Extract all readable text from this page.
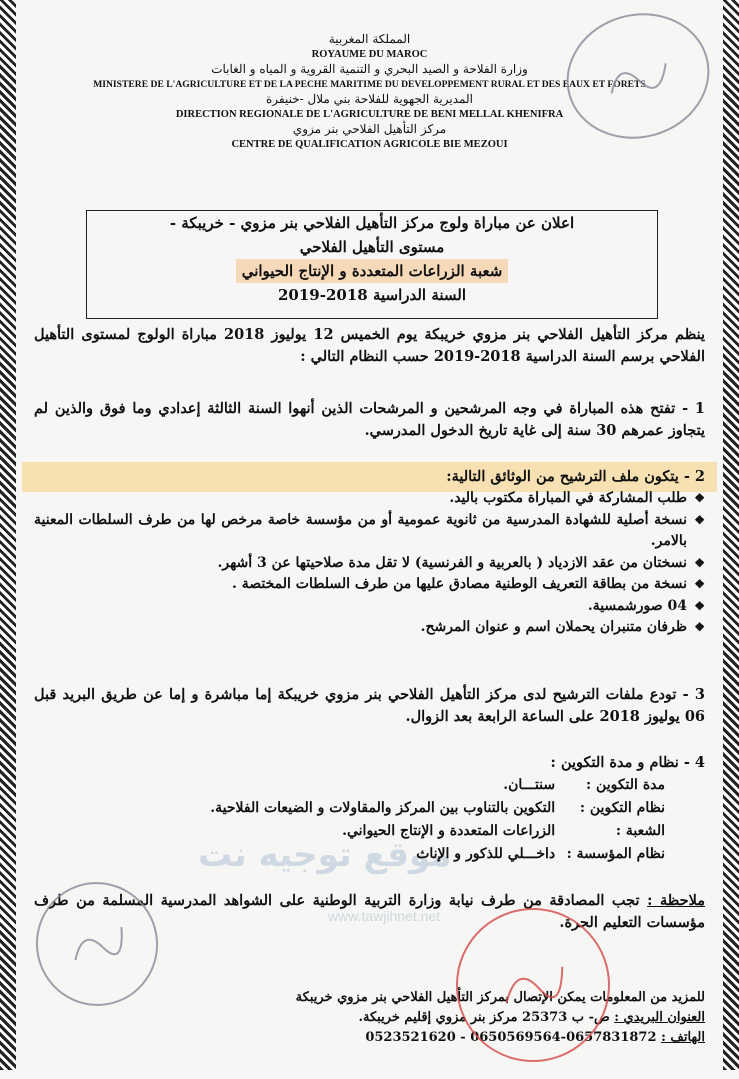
المملكة المغربية
ROYAUME DU MAROC
وزارة الفلاحة و الصيد البحري و التنمية القروية و المياه و الغابات
MINISTERE DE L'AGRICULTURE ET DE LA PECHE MARITIME DU DEVELOPPEMENT RURAL ET DES EAUX ET FORETS
المديرية الجهوية للفلاحة بني ملال -خنيفرة
DIRECTION REGIONALE DE L'AGRICULTURE DE BENI MELLAL KHENIFRA
مركز التأهيل الفلاحي بنر مزوي
CENTRE DE QUALIFICATION AGRICOLE BIE MEZOUI
اعلان عن مباراة ولوج مركز التأهيل الفلاحي بنر مزوي - خريبكة -
مستوى التأهيل الفلاحي
شعبة الزراعات المتعددة و الإنتاج الحيواني
السنة الدراسية 2018-2019
موقع توجيه نت
www.tawjihnet.net
ينظم مركز التأهيل الفلاحي بنر مزوي خريبكة يوم الخميس 12 يوليوز 2018 مباراة الولوج لمستوى التأهيل الفلاحي برسم السنة الدراسية 2018-2019 حسب النظام التالي :
1 - تفتح هذه المباراة في وجه المرشحين و المرشحات الذين أنهوا السنة الثالثة إعدادي وما فوق والذين لم يتجاوز عمرهم 30 سنة إلى غاية تاريخ الدخول المدرسي.
2 - يتكون ملف الترشيح من الوثائق التالية:
❖ طلب المشاركة في المباراة مكتوب باليد.
❖ نسخة أصلية للشهادة المدرسية من ثانوية عمومية أو من مؤسسة خاصة مرخص لها من طرف السلطات المعنية بالامر.
❖ نسختان من عقد الازدياد ( بالعربية و الفرنسية) لا تقل مدة صلاحيتها عن 3 أشهر.
❖ نسخة من بطاقة التعريف الوطنية مصادق عليها من طرف السلطات المختصة .
❖ 04 صورشمسية.
❖ ظرفان متنبران يحملان اسم و عنوان المرشح.
3 - تودع ملفات الترشيح لدى مركز التأهيل الفلاحي بنر مزوي خريبكة إما مباشرة و إما عن طريق البريد قبل 06 يوليوز 2018 على الساعة الرابعة بعد الزوال.
4 - نظام و مدة التكوين :
مدة التكوين : سنتـــان.
نظام التكوين : التكوين بالتناوب بين المركز والمقاولات و الضيعات الفلاحية.
الشعبة : الزراعات المتعددة و الإنتاج الحيواني.
نظام المؤسسة : داخـــلي للذكور و الإناث
ملاحظة : تجب المصادقة من طرف نيابة وزارة التربية الوطنية على الشواهد المدرسية المسلمة من طرف مؤسسات التعليم الحرة.
للمزيد من المعلومات يمكن الإتصال بمركز التأهيل الفلاحي بنر مزوي خريبكة
العنوان البريدي : ص- ب 25373 مركز بنر مزوي إقليم خريبكة.
الهاتف : 0523521620 - 0650569564-0657831872
